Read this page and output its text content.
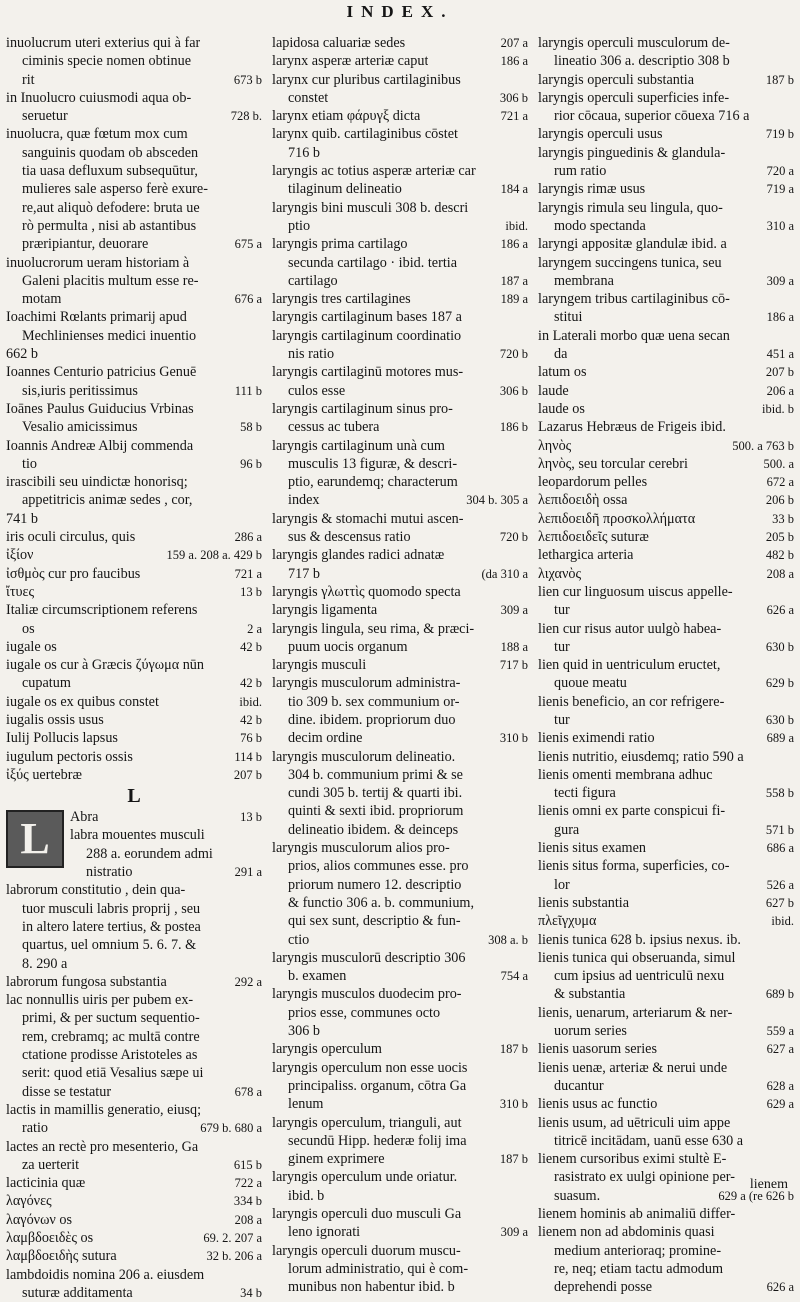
INDEX.
inuolucrum uteri exterius qui à far
ciminis specie nomen obtinue
rit	673 b
in Inuolucro cuiusmodi aqua ob-
seruetur	728 b.
inuolucra, quæ fœtum mox cum
sanguinis quodam ob absceden
tia uasa defluxum subsequūtur,
mulieres sale asperso ferè exure-
re,aut aliquò defodere: bruta ue
rò permulta , nisi ab astantibus
præripiantur, deuorare	675 a
inuolucrorum ueram historiam à
Galeni placitis multum esse re-
motam	676 a
Ioachimi Rœlants primarij apud
Mechlinienses medici inuentio
662 b
Ioannes Centurio patricius Genuē
sis,iuris peritissimus	111 b
Ioānes Paulus Guiducius Vrbinas
Vesalio amicissimus	58 b
Ioannis Andreæ Albij commenda
tio	96 b
irascibili seu uindictæ honorisq;
appetitricis animæ sedes , cor,
741 b
iris oculi circulus, quis	286 a
ἰξίον	159 a. 208 a. 429 b
ἰσθμὸς cur pro faucibus	721 a
ἴτυες	13 b
Italiæ circumscriptionem referens
os	2 a
iugale os	42 b
iugale os cur à Græcis ζύγωμα nūn
cupatum	42 b
iugale os ex quibus constet	ibid.
iugalis ossis usus	42 b
Iulij Pollucis lapsus	76 b
iugulum pectoris ossis	114 b
ἰξύς uertebræ	207 b
L
L	Abra	13 b
labra mouentes musculi
288 a. eorundem admi
nistratio	291 a
labrorum constitutio , dein qua-
tuor musculi labris proprij , seu
in altero latere tertius, & postea
quartus, uel omnium 5. 6. 7. &
8. 290 a
labrorum fungosa substantia	292 a
lac nonnullis uiris per pubem ex-
primi, & per suctum sequentio-
rem, crebramq; ac multā contre
ctatione prodisse Aristoteles as
serit: quod etiā Vesalius sæpe ui
disse se testatur	678 a
lactis in mamillis generatio, eiusq;
ratio	679 b. 680 a
lactes an rectè pro mesenterio, Ga
za uerterit	615 b
lacticinia quæ	722 a
λαγόνες	334 b
λαγόνων os	208 a
λαμβδοειδὲς os	69. 2. 207 a
λαμβδοειδὴς sutura	32 b. 206 a
lambdoidis nomina 206 a. eiusdem
suturæ additamenta	34 b
lapidosa caluariæ sedes	207 a
larynx asperæ arteriæ caput	186 a
larynx cur pluribus cartilaginibus
constet	306 b
larynx etiam φάρυγξ dicta	721 a
larynx quib. cartilaginibus cōstet
716 b
laryngis ac totius asperæ arteriæ car
tilaginum delineatio	184 a
laryngis bini musculi 308 b. descri
ptio	ibid.
laryngis prima cartilago	186 a
secunda cartilago · ibid. tertia
cartilago	187 a
laryngis tres cartilagines	189 a
laryngis cartilaginum bases 187 a
laryngis cartilaginum coordinatio
nis ratio	720 b
laryngis cartilaginū motores mus-
culos esse	306 b
laryngis cartilaginum sinus pro-
cessus ac tubera	186 b
laryngis cartilaginum unà cum
musculis 13 figuræ, & descri-
ptio, earundemq; characterum
index	304 b. 305 a
laryngis & stomachi mutui ascen-
sus & descensus ratio	720 b
laryngis glandes radici adnatæ
717 b	(da 310 a
laryngis γλωττὶς quomodo specta
laryngis ligamenta	309 a
laryngis lingula, seu rima, & præci-
puum uocis organum	188 a
laryngis musculi	717 b
laryngis musculorum administra-
tio 309 b. sex communium or-
dine. ibidem. propriorum duo
decim ordine	310 b
laryngis musculorum delineatio.
304 b. communium primi & se
cundi 305 b. tertij & quarti ibi.
quinti & sexti ibid. propriorum
delineatio ibidem. & deinceps
laryngis musculorum alios pro-
prios, alios communes esse. pro
priorum numero 12. descriptio
& functio 306 a. b. communium,
qui sex sunt, descriptio & fun-
ctio	308 a. b
laryngis musculorū descriptio 306
b. examen	754 a
laryngis musculos duodecim pro-
prios esse, communes octo
306 b
laryngis operculum	187 b
laryngis operculum non esse uocis
principaliss. organum, cōtra Ga
lenum	310 b
laryngis operculum, trianguli, aut
secundū Hipp. hederæ folij ima
ginem exprimere	187 b
laryngis operculum unde oriatur.
ibid. b
laryngis operculi duo musculi Ga
leno ignorati	309 a
laryngis operculi duorum muscu-
lorum administratio, qui è com-
munibus non habentur ibid. b
laryngis operculi musculorum de-
lineatio 306 a. descriptio 308 b
laryngis operculi substantia	187 b
laryngis operculi superficies infe-
rior cōcaua, superior cōuexa 716 a
laryngis operculi usus	719 b
laryngis pinguedinis & glandula-
rum ratio	720 a
laryngis rimæ usus	719 a
laryngis rimula seu lingula, quo-
modo spectanda	310 a
laryngi appositæ glandulæ ibid. a
laryngem succingens tunica, seu
membrana	309 a
laryngem tribus cartilaginibus cō-
stitui	186 a
in Laterali morbo quæ uena secan
da	451 a
latum os	207 b
laude	206 a
laude os	ibid. b
Lazarus Hebræus de Frigeis ibid.
ληνὸς	500. a 763 b
ληνὸς, seu torcular cerebri	500. a
leopardorum pelles	672 a
λεπιδοειδὴ ossa	206 b
λεπιδοειδῆ προσκολλήματα	33 b
λεπιδοειδεῖς suturæ	205 b
lethargica arteria	482 b
λιχανὸς	208 a
lien cur linguosum uiscus appelle-
tur	626 a
lien cur risus autor uulgò habea-
tur	630 b
lien quid in uentriculum eructet,
quoue meatu	629 b
lienis beneficio, an cor refrigere-
tur	630 b
lienis eximendi ratio	689 a
lienis nutritio, eiusdemq; ratio 590 a
lienis omenti membrana adhuc
tecti figura	558 b
lienis omni ex parte conspicui fi-
gura	571 b
lienis situs examen	686 a
lienis situs forma, superficies, co-
lor	526 a
lienis substantia	627 b
πλεῖγχυμα	ibid.
lienis tunica 628 b. ipsius nexus. ib.
lienis tunica qui obseruanda, simul
cum ipsius ad uentriculū nexu
& substantia	689 b
lienis, uenarum, arteriarum & ner-
uorum series	559 a
lienis uasorum series	627 a
lienis uenæ, arteriæ & nerui unde
ducantur	628 a
lienis usus ac functio	629 a
lienis usum, ad uētriculi uim appe
titricē incitādam, uanū esse 630 a
lienem cursoribus eximi stultè E-
rasistrato ex uulgi opinione per-
suasum.	629 a (re 626 b
lienem hominis ab animaliū differ-
lienem non ad abdominis quasi
medium anterioraq; promine-
re, neq; etiam tactu admodum
deprehendi posse	626 a
lienem
